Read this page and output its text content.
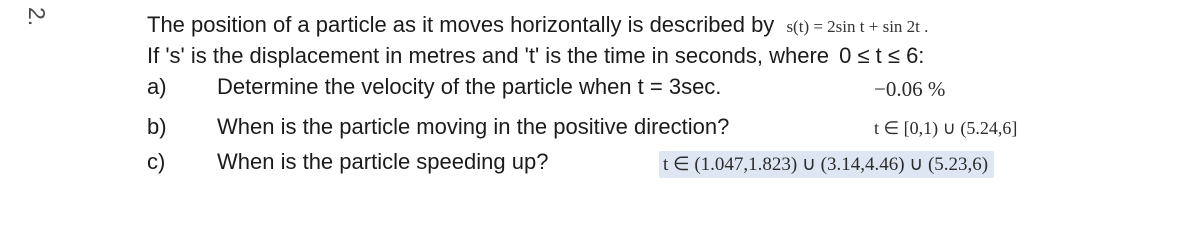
2.	The position of a particle as it moves horizontally is described by s(t) = 2sin t + sin 2t .
If 's' is the displacement in metres and 't' is the time in seconds, where 0 ≤ t ≤ 6:
a) Determine the velocity of the particle when t = 3sec.	−0.06 %
b) When is the particle moving in the positive direction?	t ∈ [0,1) ∪ (5.24,6]
c) When is the particle speeding up?	t ∈ (1.047,1.823) ∪ (3.14,4.46) ∪ (5.23,6)
